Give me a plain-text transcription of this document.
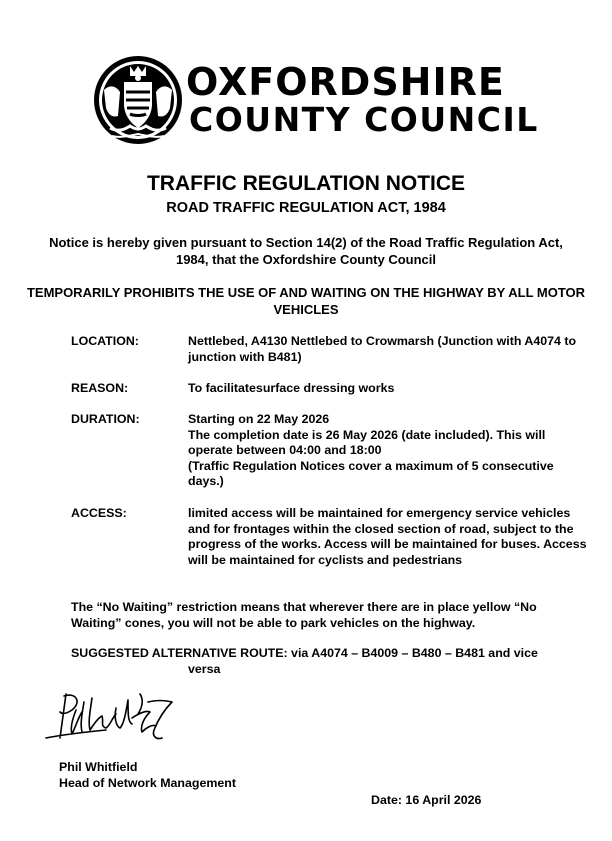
OXFORDSHIRE
COUNTY COUNCIL
TRAFFIC REGULATION NOTICE
ROAD TRAFFIC REGULATION ACT, 1984
Notice is hereby given pursuant to Section 14(2) of the Road Traffic Regulation Act, 1984, that the Oxfordshire County Council
TEMPORARILY PROHIBITS THE USE OF AND WAITING ON THE HIGHWAY BY ALL MOTOR VEHICLES
LOCATION:	Nettlebed, A4130 Nettlebed to Crowmarsh (Junction with A4074 to junction with B481)
REASON:	To facilitatesurface dressing works
DURATION:	Starting on 22 May 2026
The completion date is 26 May 2026 (date included). This will operate between 04:00 and 18:00
(Traffic Regulation Notices cover a maximum of 5 consecutive days.)
ACCESS:	limited access will be maintained for emergency service vehicles and for frontages within the closed section of road, subject to the progress of the works. Access will be maintained for buses. Access will be maintained for cyclists and pedestrians
The “No Waiting” restriction means that wherever there are in place yellow “No Waiting” cones, you will not be able to park vehicles on the highway.
SUGGESTED ALTERNATIVE ROUTE: via A4074 – B4009 – B480 – B481 and vice
versa
Phil Whitfield
Head of Network Management
Date: 16 April 2026
